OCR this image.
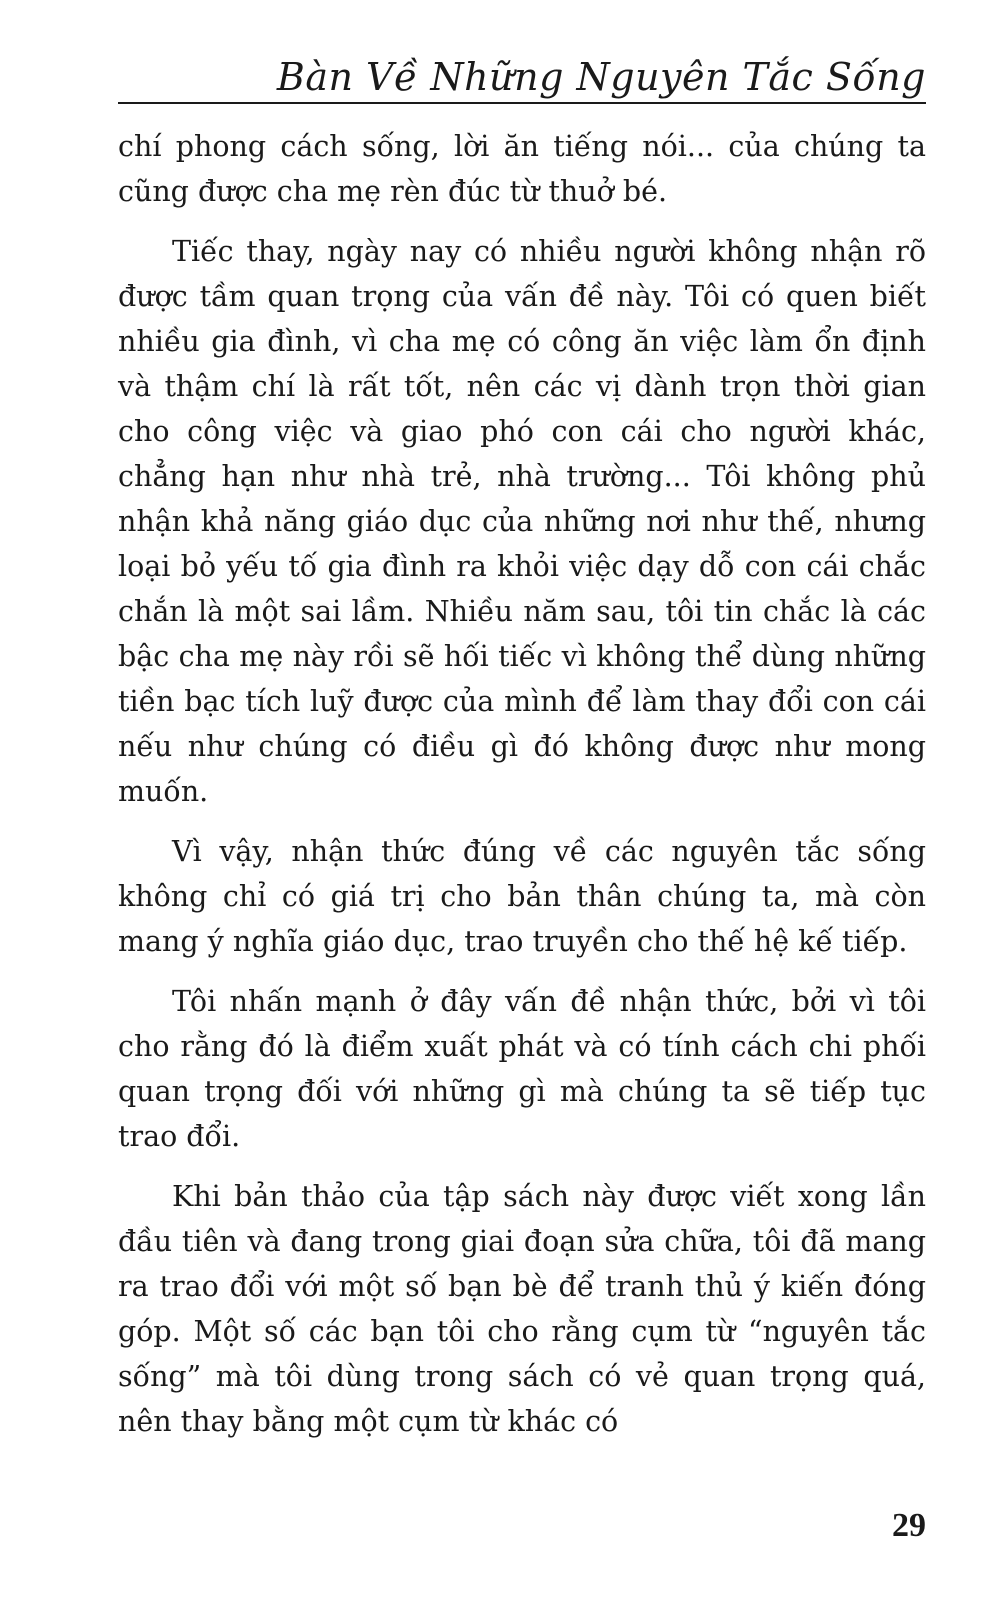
Bàn Về Những Nguyên Tắc Sống

chí phong cách sống, lời ăn tiếng nói... của chúng ta cũng được cha mẹ rèn đúc từ thuở bé.

Tiếc thay, ngày nay có nhiều người không nhận rõ được tầm quan trọng của vấn đề này. Tôi có quen biết nhiều gia đình, vì cha mẹ có công ăn việc làm ổn định và thậm chí là rất tốt, nên các vị dành trọn thời gian cho công việc và giao phó con cái cho người khác, chẳng hạn như nhà trẻ, nhà trường... Tôi không phủ nhận khả năng giáo dục của những nơi như thế, nhưng loại bỏ yếu tố gia đình ra khỏi việc dạy dỗ con cái chắc chắn là một sai lầm. Nhiều năm sau, tôi tin chắc là các bậc cha mẹ này rồi sẽ hối tiếc vì không thể dùng những tiền bạc tích luỹ được của mình để làm thay đổi con cái nếu như chúng có điều gì đó không được như mong muốn.

Vì vậy, nhận thức đúng về các nguyên tắc sống không chỉ có giá trị cho bản thân chúng ta, mà còn mang ý nghĩa giáo dục, trao truyền cho thế hệ kế tiếp.

Tôi nhấn mạnh ở đây vấn đề nhận thức, bởi vì tôi cho rằng đó là điểm xuất phát và có tính cách chi phối quan trọng đối với những gì mà chúng ta sẽ tiếp tục trao đổi.

Khi bản thảo của tập sách này được viết xong lần đầu tiên và đang trong giai đoạn sửa chữa, tôi đã mang ra trao đổi với một số bạn bè để tranh thủ ý kiến đóng góp. Một số các bạn tôi cho rằng cụm từ “nguyên tắc sống” mà tôi dùng trong sách có vẻ quan trọng quá, nên thay bằng một cụm từ khác có

29
